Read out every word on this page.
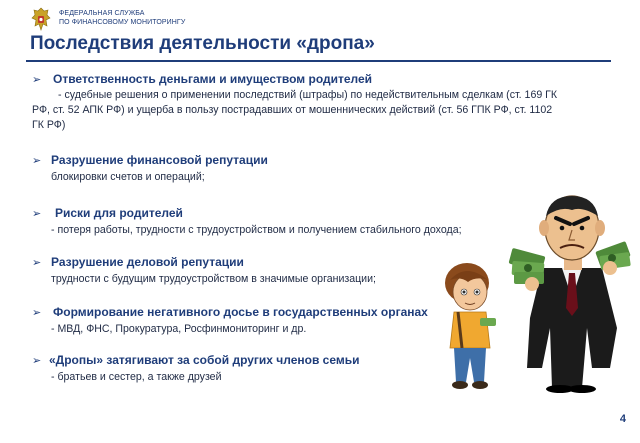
ФЕДЕРАЛЬНАЯ СЛУЖБА
ПО ФИНАНСОВОМУ МОНИТОРИНГУ
Последствия деятельности «дропа»
➢ Ответственность деньгами и имуществом родителей
- судебные решения о применении последствий (штрафы) по недействительным сделкам (ст. 169 ГК
РФ, ст. 52 АПК РФ) и ущерба в пользу пострадавших от мошеннических действий (ст. 56 ГПК РФ, ст. 1102
ГК РФ)
➢ Разрушение финансовой репутации
блокировки счетов и операций;
➢ Риски для родителей
- потеря работы, трудности с трудоустройством и получением стабильного дохода;
➢ Разрушение деловой репутации
трудности с будущим трудоустройством в значимые организации;
➢ Формирование негативного досье в государственных органах
- МВД, ФНС, Прокуратура, Росфинмониторинг и др.
➢ «Дропы» затягивают за собой других членов семьи
- братьев и сестер, а также друзей
4
